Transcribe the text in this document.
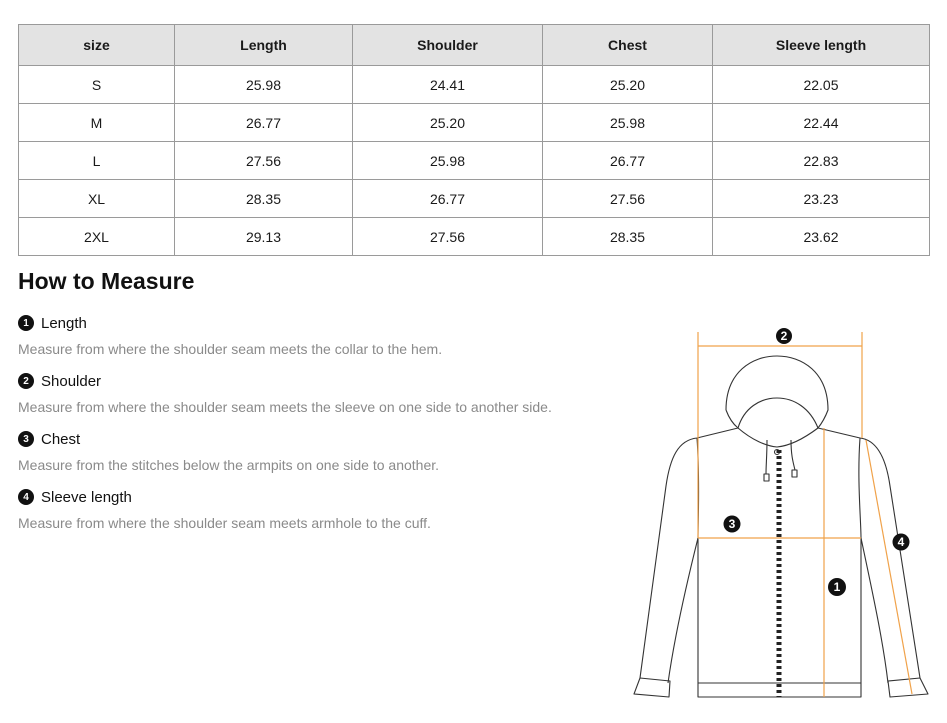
size	Length	Shoulder	Chest	Sleeve length
S	25.98	24.41	25.20	22.05
M	26.77	25.20	25.98	22.44
L	27.56	25.98	26.77	22.83
XL	28.35	26.77	27.56	23.23
2XL	29.13	27.56	28.35	23.62
How to Measure
1 Length
Measure from where the shoulder seam meets the collar to the hem.
2 Shoulder
Measure from where the shoulder seam meets the sleeve on one side to another side.
3 Chest
Measure from the stitches below the armpits on one side to another.
4 Sleeve length
Measure from where the shoulder seam meets armhole to the cuff.
2
3
1
4
